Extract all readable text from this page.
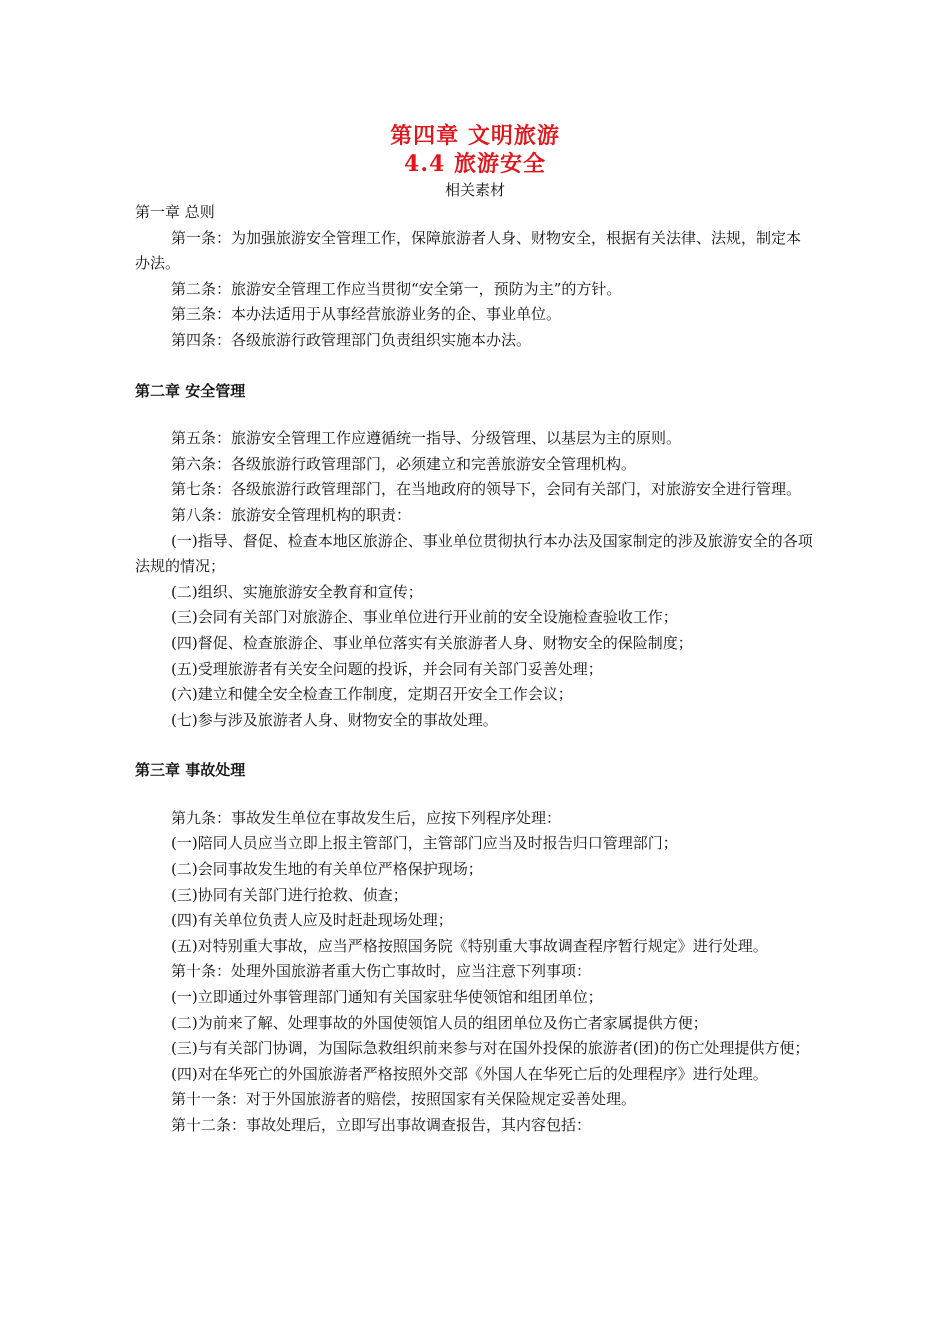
第四章 文明旅游
4.4 旅游安全
相关素材

第一章 总则

第一条：为加强旅游安全管理工作，保障旅游者人身、财物安全，根据有关法律、法规，制定本办法。

第二条：旅游安全管理工作应当贯彻“安全第一，预防为主”的方针。

第三条：本办法适用于从事经营旅游业务的企、事业单位。

第四条：各级旅游行政管理部门负责组织实施本办法。

第二章 安全管理

第五条：旅游安全管理工作应遵循统一指导、分级管理、以基层为主的原则。

第六条：各级旅游行政管理部门，必须建立和完善旅游安全管理机构。

第七条：各级旅游行政管理部门，在当地政府的领导下，会同有关部门，对旅游安全进行管理。

第八条：旅游安全管理机构的职责：

(一)指导、督促、检查本地区旅游企、事业单位贯彻执行本办法及国家制定的涉及旅游安全的各项法规的情况；

(二)组织、实施旅游安全教育和宣传；

(三)会同有关部门对旅游企、事业单位进行开业前的安全设施检查验收工作；

(四)督促、检查旅游企、事业单位落实有关旅游者人身、财物安全的保险制度；

(五)受理旅游者有关安全问题的投诉，并会同有关部门妥善处理；

(六)建立和健全安全检查工作制度，定期召开安全工作会议；

(七)参与涉及旅游者人身、财物安全的事故处理。

第三章 事故处理

第九条：事故发生单位在事故发生后，应按下列程序处理：

(一)陪同人员应当立即上报主管部门，主管部门应当及时报告归口管理部门；

(二)会同事故发生地的有关单位严格保护现场；

(三)协同有关部门进行抢救、侦查；

(四)有关单位负责人应及时赶赴现场处理；

(五)对特别重大事故，应当严格按照国务院《特别重大事故调查程序暂行规定》进行处理。

第十条：处理外国旅游者重大伤亡事故时，应当注意下列事项：

(一)立即通过外事管理部门通知有关国家驻华使领馆和组团单位；

(二)为前来了解、处理事故的外国使领馆人员的组团单位及伤亡者家属提供方便；

(三)与有关部门协调，为国际急救组织前来参与对在国外投保的旅游者(团)的伤亡处理提供方便；

(四)对在华死亡的外国旅游者严格按照外交部《外国人在华死亡后的处理程序》进行处理。

第十一条：对于外国旅游者的赔偿，按照国家有关保险规定妥善处理。

第十二条：事故处理后，立即写出事故调查报告，其内容包括：
